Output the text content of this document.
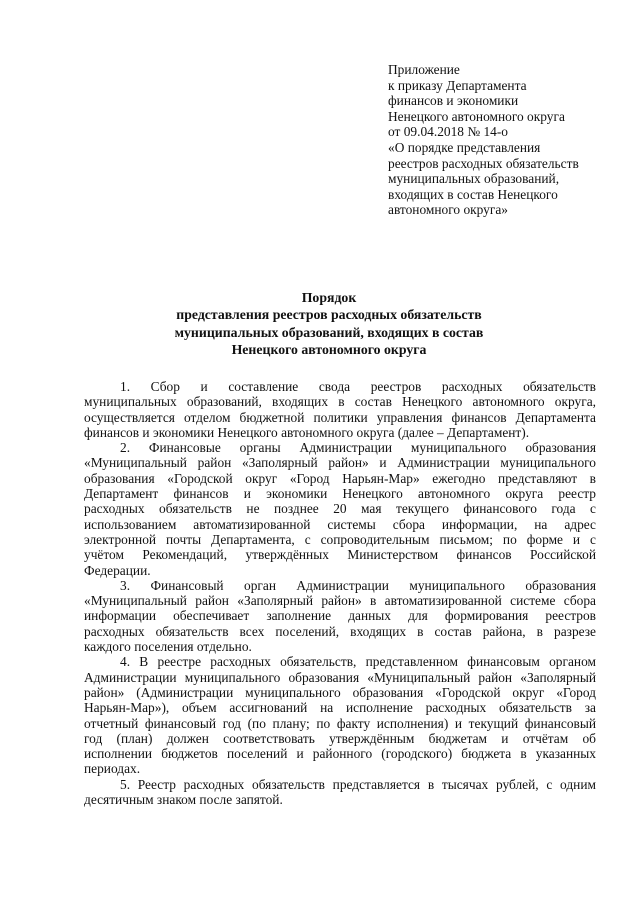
Приложение
к приказу Департамента
финансов и экономики
Ненецкого автономного округа
от 09.04.2018 № 14-о
«О порядке представления
реестров расходных обязательств
муниципальных образований,
входящих в состав Ненецкого
автономного округа»
Порядок
представления реестров расходных обязательств
муниципальных образований, входящих в состав
Ненецкого автономного округа
1. Сбор и составление свода реестров расходных обязательств
муниципальных образований, входящих в состав Ненецкого автономного округа,
осуществляется отделом бюджетной политики управления финансов Департамента
финансов и экономики Ненецкого автономного округа (далее – Департамент).
2. Финансовые органы Администрации муниципального образования
«Муниципальный район «Заполярный район» и Администрации муниципального
образования «Городской округ «Город Нарьян-Мар» ежегодно представляют в
Департамент финансов и экономики Ненецкого автономного округа реестр
расходных обязательств не позднее 20 мая текущего финансового года с
использованием автоматизированной системы сбора информации, на адрес
электронной почты Департамента, с сопроводительным письмом; по форме и с
учётом Рекомендаций, утверждённых Министерством финансов Российской
Федерации.
3. Финансовый орган Администрации муниципального образования
«Муниципальный район «Заполярный район» в автоматизированной системе сбора
информации обеспечивает заполнение данных для формирования реестров
расходных обязательств всех поселений, входящих в состав района, в разрезе
каждого поселения отдельно.
4. В реестре расходных обязательств, представленном финансовым органом
Администрации муниципального образования «Муниципальный район «Заполярный
район» (Администрации муниципального образования «Городской округ «Город
Нарьян-Мар»), объем ассигнований на исполнение расходных обязательств за
отчетный финансовый год (по плану; по факту исполнения) и текущий финансовый
год (план) должен соответствовать утверждённым бюджетам и отчётам об
исполнении бюджетов поселений и районного (городского) бюджета в указанных
периодах.
5. Реестр расходных обязательств представляется в тысячах рублей, с одним
десятичным знаком после запятой.
